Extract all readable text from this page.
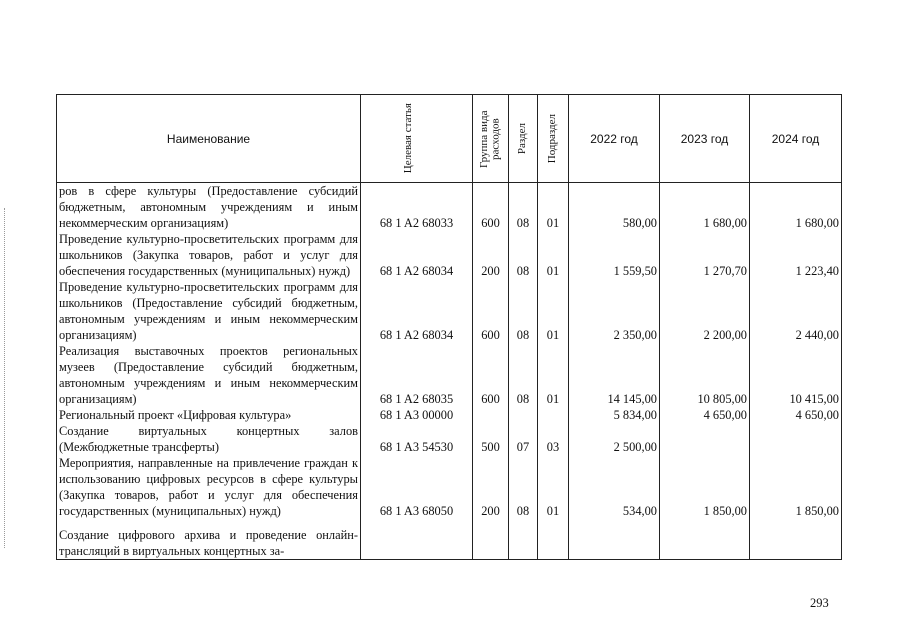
Наименование	Целевая статья	Группа вида расходов	Раздел	Подраздел	2022 год	2023 год	2024 год
ров в сфере культуры (Предоставление субсидий бюджетным, автономным учреждениям и иным некоммерческим организациям)	68 1 A2 68033	600	08	01	580,00	1 680,00	1 680,00
Проведение культурно-просветительских программ для школьников (Закупка товаров, работ и услуг для обеспечения государственных (муниципальных) нужд)	68 1 A2 68034	200	08	01	1 559,50	1 270,70	1 223,40
Проведение культурно-просветительских программ для школьников (Предоставление субсидий бюджетным, автономным учреждениям и иным некоммерческим организациям)	68 1 A2 68034	600	08	01	2 350,00	2 200,00	2 440,00
Реализация выставочных проектов региональных музеев (Предоставление субсидий бюджетным, автономным учреждениям и иным некоммерческим организациям)	68 1 A2 68035	600	08	01	14 145,00	10 805,00	10 415,00
Региональный проект «Цифровая культура»	68 1 A3 00000				5 834,00	4 650,00	4 650,00
Создание виртуальных концертных залов (Межбюджетные трансферты)	68 1 A3 54530	500	07	03	2 500,00		
Мероприятия, направленные на привлечение граждан к использованию цифровых ресурсов в сфере культуры (Закупка товаров, работ и услуг для обеспечения государственных (муниципальных) нужд)	68 1 A3 68050	200	08	01	534,00	1 850,00	1 850,00
Создание цифрового архива и проведение онлайн-трансляций в виртуальных концертных за-							
293
